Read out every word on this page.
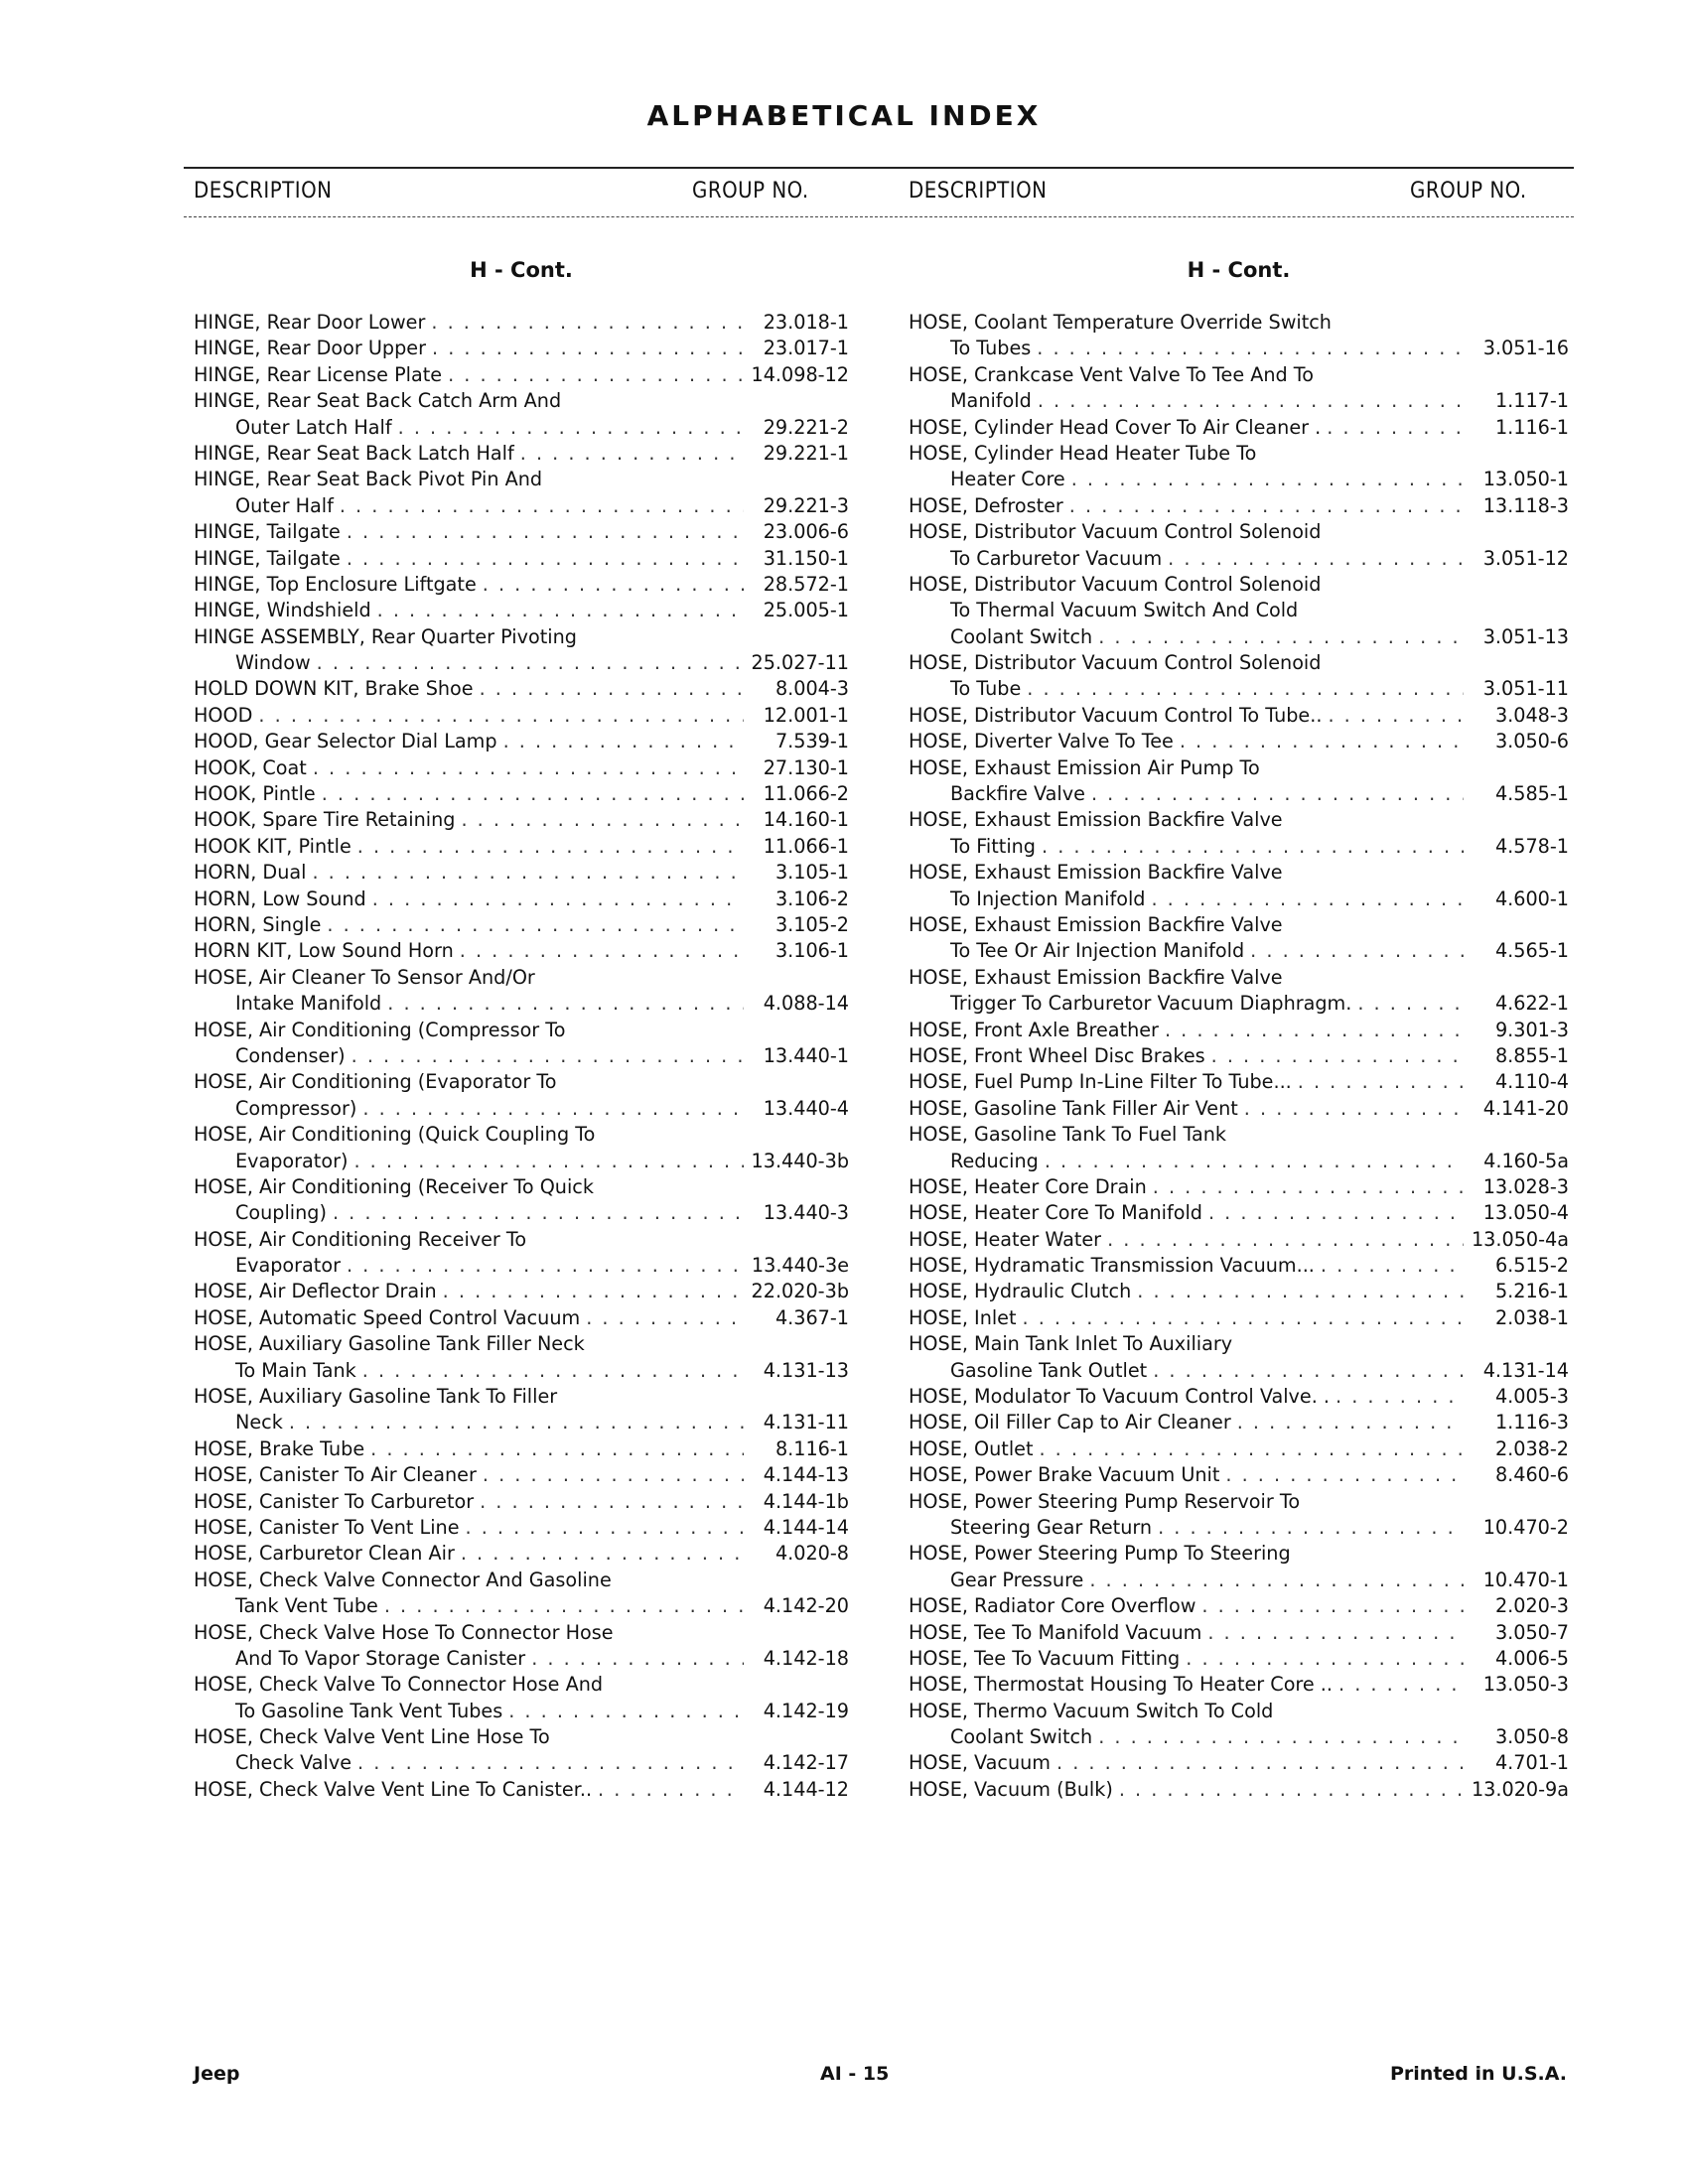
ALPHABETICAL INDEX
DESCRIPTION	GROUP NO.	DESCRIPTION	GROUP NO.
H - Cont.
HINGE, Rear Door Lower . . .	23.018-1
HINGE, Rear Door Upper . . .	23.017-1
HINGE, Rear License Plate . . .	14.098-12
HINGE, Rear Seat Back Catch Arm And
Outer Latch Half . . .	29.221-2
HINGE, Rear Seat Back Latch Half . . .	29.221-1
HINGE, Rear Seat Back Pivot Pin And
Outer Half . . .	29.221-3
HINGE, Tailgate . . .	23.006-6
HINGE, Tailgate . . .	31.150-1
HINGE, Top Enclosure Liftgate . . .	28.572-1
HINGE, Windshield . . .	25.005-1
HINGE ASSEMBLY, Rear Quarter Pivoting
Window . . .	25.027-11
HOLD DOWN KIT, Brake Shoe . . .	8.004-3
HOOD . . .	12.001-1
HOOD, Gear Selector Dial Lamp . . .	7.539-1
HOOK, Coat . . .	27.130-1
HOOK, Pintle . . .	11.066-2
HOOK, Spare Tire Retaining . . .	14.160-1
HOOK KIT, Pintle . . .	11.066-1
HORN, Dual . . .	3.105-1
HORN, Low Sound . . .	3.106-2
HORN, Single . . .	3.105-2
HORN KIT, Low Sound Horn . . .	3.106-1
HOSE, Air Cleaner To Sensor And/Or
Intake Manifold . . .	4.088-14
HOSE, Air Conditioning (Compressor To
Condenser) . . .	13.440-1
HOSE, Air Conditioning (Evaporator To
Compressor) . . .	13.440-4
HOSE, Air Conditioning (Quick Coupling To
Evaporator) . . .	13.440-3b
HOSE, Air Conditioning (Receiver To Quick
Coupling) . . .	13.440-3
HOSE, Air Conditioning Receiver To
Evaporator . . .	13.440-3e
HOSE, Air Deflector Drain . . .	22.020-3b
HOSE, Automatic Speed Control Vacuum . . .	4.367-1
HOSE, Auxiliary Gasoline Tank Filler Neck
To Main Tank . . .	4.131-13
HOSE, Auxiliary Gasoline Tank To Filler
Neck . . .	4.131-11
HOSE, Brake Tube . . .	8.116-1
HOSE, Canister To Air Cleaner . . .	4.144-13
HOSE, Canister To Carburetor . . .	4.144-1b
HOSE, Canister To Vent Line . . .	4.144-14
HOSE, Carburetor Clean Air . . .	4.020-8
HOSE, Check Valve Connector And Gasoline
Tank Vent Tube . . .	4.142-20
HOSE, Check Valve Hose To Connector Hose
And To Vapor Storage Canister . . .	4.142-18
HOSE, Check Valve To Connector Hose And
To Gasoline Tank Vent Tubes . . .	4.142-19
HOSE, Check Valve Vent Line Hose To
Check Valve . . .	4.142-17
HOSE, Check Valve Vent Line To Canister.. . . .	4.144-12
H - Cont.
HOSE, Coolant Temperature Override Switch
To Tubes . . .	3.051-16
HOSE, Crankcase Vent Valve To Tee And To
Manifold . . .	1.117-1
HOSE, Cylinder Head Cover To Air Cleaner . . . .	1.116-1
HOSE, Cylinder Head Heater Tube To
Heater Core . . .	13.050-1
HOSE, Defroster . . .	13.118-3
HOSE, Distributor Vacuum Control Solenoid
To Carburetor Vacuum . . .	3.051-12
HOSE, Distributor Vacuum Control Solenoid
To Thermal Vacuum Switch And Cold
Coolant Switch . . .	3.051-13
HOSE, Distributor Vacuum Control Solenoid
To Tube . . .	3.051-11
HOSE, Distributor Vacuum Control To Tube.. . . .	3.048-3
HOSE, Diverter Valve To Tee . . .	3.050-6
HOSE, Exhaust Emission Air Pump To
Backfire Valve . . .	4.585-1
HOSE, Exhaust Emission Backfire Valve
To Fitting . . .	4.578-1
HOSE, Exhaust Emission Backfire Valve
To Injection Manifold . . .	4.600-1
HOSE, Exhaust Emission Backfire Valve
To Tee Or Air Injection Manifold . . .	4.565-1
HOSE, Exhaust Emission Backfire Valve
Trigger To Carburetor Vacuum Diaphragm. . . .	4.622-1
HOSE, Front Axle Breather . . .	9.301-3
HOSE, Front Wheel Disc Brakes . . .	8.855-1
HOSE, Fuel Pump In-Line Filter To Tube... . . .	4.110-4
HOSE, Gasoline Tank Filler Air Vent . . .	4.141-20
HOSE, Gasoline Tank To Fuel Tank
Reducing . . .	4.160-5a
HOSE, Heater Core Drain . . .	13.028-3
HOSE, Heater Core To Manifold . . .	13.050-4
HOSE, Heater Water . . .	13.050-4a
HOSE, Hydramatic Transmission Vacuum... . . .	6.515-2
HOSE, Hydraulic Clutch . . .	5.216-1
HOSE, Inlet . . .	2.038-1
HOSE, Main Tank Inlet To Auxiliary
Gasoline Tank Outlet . . .	4.131-14
HOSE, Modulator To Vacuum Control Valve. . . . .	4.005-3
HOSE, Oil Filler Cap to Air Cleaner . . .	1.116-3
HOSE, Outlet . . .	2.038-2
HOSE, Power Brake Vacuum Unit . . .	8.460-6
HOSE, Power Steering Pump Reservoir To
Steering Gear Return . . .	10.470-2
HOSE, Power Steering Pump To Steering
Gear Pressure . . .	10.470-1
HOSE, Radiator Core Overflow . . .	2.020-3
HOSE, Tee To Manifold Vacuum . . .	3.050-7
HOSE, Tee To Vacuum Fitting . . .	4.006-5
HOSE, Thermostat Housing To Heater Core .. . . .	13.050-3
HOSE, Thermo Vacuum Switch To Cold
Coolant Switch . . .	3.050-8
HOSE, Vacuum . . .	4.701-1
HOSE, Vacuum (Bulk) . . .	13.020-9a
Jeep	AI - 15	Printed in U.S.A.
